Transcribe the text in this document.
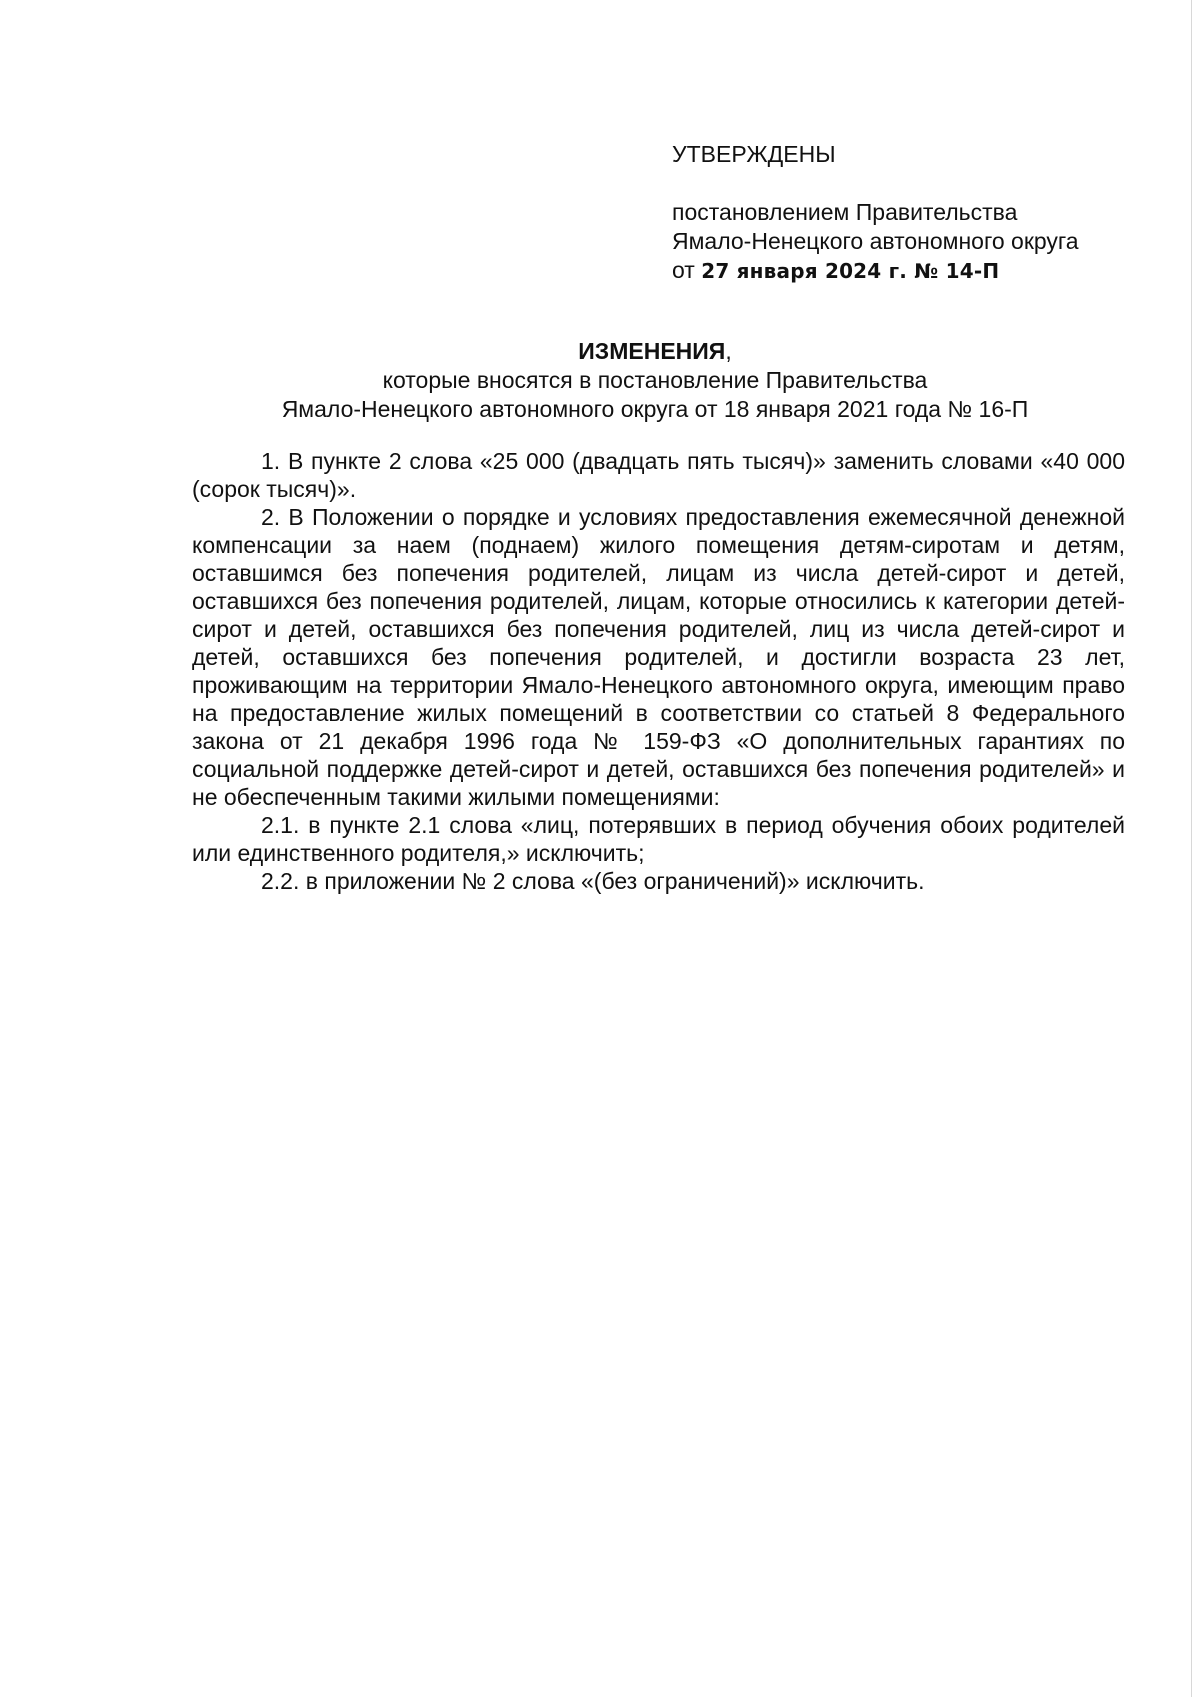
УТВЕРЖДЕНЫ
постановлением Правительства
Ямало-Ненецкого автономного округа
от 27 января 2024 г. № 14-П
ИЗМЕНЕНИЯ,
которые вносятся в постановление Правительства
Ямало-Ненецкого автономного округа от 18 января 2021 года № 16-П

1. В пункте 2 слова «25 000 (двадцать пять тысяч)» заменить словами «40 000 (сорок тысяч)».

2. В Положении о порядке и условиях предоставления ежемесячной денежной компенсации за наем (поднаем) жилого помещения детям-сиротам и детям, оставшимся без попечения родителей, лицам из числа детей-сирот и детей, оставшихся без попечения родителей, лицам, которые относились к категории детей-сирот и детей, оставшихся без попечения родителей, лиц из числа детей-сирот и детей, оставшихся без попечения родителей, и достигли возраста 23 лет, проживающим на территории Ямало-Ненецкого автономного округа, имеющим право на предоставление жилых помещений в соответствии со статьей 8 Федерального закона от 21 декабря 1996 года № 159-ФЗ «О дополнительных гарантиях по социальной поддержке детей-сирот и детей, оставшихся без попечения родителей» и не обеспеченным такими жилыми помещениями:

2.1. в пункте 2.1 слова «лиц, потерявших в период обучения обоих родителей или единственного родителя,» исключить;

2.2. в приложении № 2 слова «(без ограничений)» исключить.
